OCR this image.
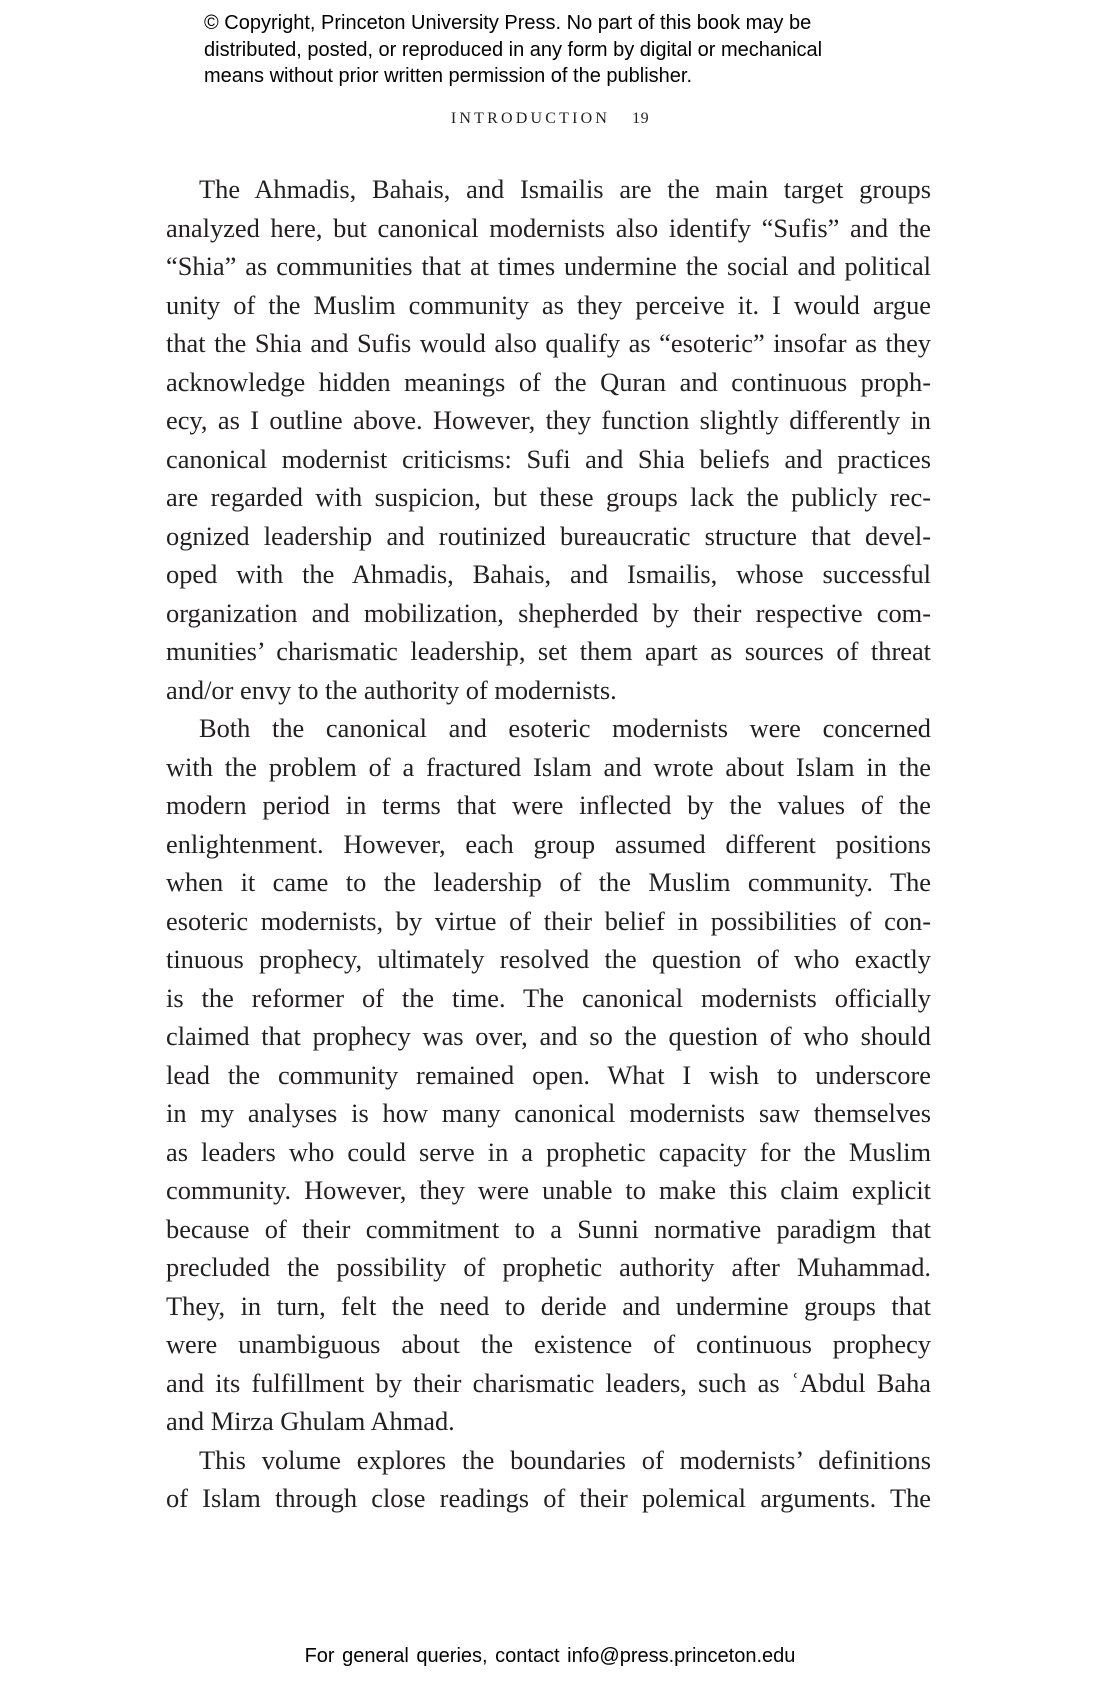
© Copyright, Princeton University Press. No part of this book may be
distributed, posted, or reproduced in any form by digital or mechanical
means without prior written permission of the publisher.
INTRODUCTION 19
The Ahmadis, Bahais, and Ismailis are the main target groups
analyzed here, but canonical modernists also identify “Sufis” and the
“Shia” as communities that at times undermine the social and political
unity of the Muslim community as they perceive it. I would argue
that the Shia and Sufis would also qualify as “esoteric” insofar as they
acknowledge hidden meanings of the Quran and continuous proph-
ecy, as I outline above. However, they function slightly differently in
canonical modernist criticisms: Sufi and Shia beliefs and practices
are regarded with suspicion, but these groups lack the publicly rec-
ognized leadership and routinized bureaucratic structure that devel-
oped with the Ahmadis, Bahais, and Ismailis, whose successful
organization and mobilization, shepherded by their respective com-
munities’ charismatic leadership, set them apart as sources of threat
and/or envy to the authority of modernists.
Both the canonical and esoteric modernists were concerned
with the problem of a fractured Islam and wrote about Islam in the
modern period in terms that were inflected by the values of the
enlightenment. However, each group assumed different positions
when it came to the leadership of the Muslim community. The
esoteric modernists, by virtue of their belief in possibilities of con-
tinuous prophecy, ultimately resolved the question of who exactly
is the reformer of the time. The canonical modernists officially
claimed that prophecy was over, and so the question of who should
lead the community remained open. What I wish to underscore
in my analyses is how many canonical modernists saw themselves
as leaders who could serve in a prophetic capacity for the Muslim
community. However, they were unable to make this claim explicit
because of their commitment to a Sunni normative paradigm that
precluded the possibility of prophetic authority after Muhammad.
They, in turn, felt the need to deride and undermine groups that
were unambiguous about the existence of continuous prophecy
and its fulfillment by their charismatic leaders, such as ʿAbdul Baha
and Mirza Ghulam Ahmad.
This volume explores the boundaries of modernists’ definitions
of Islam through close readings of their polemical arguments. The
For general queries, contact info@press.princeton.edu
